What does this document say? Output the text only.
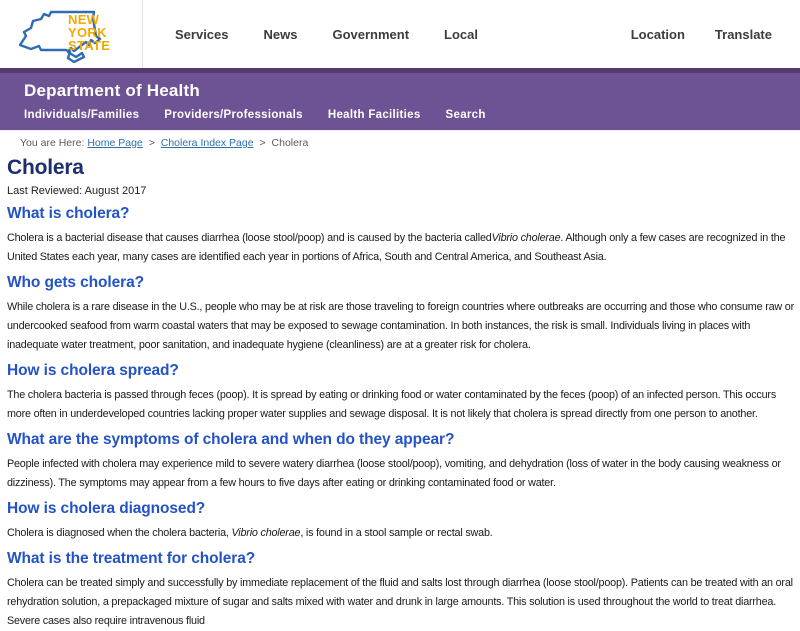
NEW
YORK
STATE
Services	News	Government	Local	Location Translate
Department of Health
Individuals/Families Providers/Professionals Health Facilities Search
You are Here: Home Page > Cholera Index Page > Cholera
Cholera
Last Reviewed: August 2017
What is cholera?

Cholera is a bacterial disease that causes diarrhea (loose stool/poop) and is caused by the bacteria calledVibrio cholerae. Although only a few cases are recognized in the United States each year, many cases are identified each year in portions of Africa, South and Central America, and Southeast Asia.

Who gets cholera?

While cholera is a rare disease in the U.S., people who may be at risk are those traveling to foreign countries where outbreaks are occurring and those who consume raw or undercooked seafood from warm coastal waters that may be exposed to sewage contamination. In both instances, the risk is small. Individuals living in places with inadequate water treatment, poor sanitation, and inadequate hygiene (cleanliness) are at a greater risk for cholera.

How is cholera spread?

The cholera bacteria is passed through feces (poop). It is spread by eating or drinking food or water contaminated by the feces (poop) of an infected person. This occurs more often in underdeveloped countries lacking proper water supplies and sewage disposal. It is not likely that cholera is spread directly from one person to another.

What are the symptoms of cholera and when do they appear?

People infected with cholera may experience mild to severe watery diarrhea (loose stool/poop), vomiting, and dehydration (loss of water in the body causing weakness or dizziness). The symptoms may appear from a few hours to five days after eating or drinking contaminated food or water.

How is cholera diagnosed?

Cholera is diagnosed when the cholera bacteria, Vibrio cholerae, is found in a stool sample or rectal swab.

What is the treatment for cholera?

Cholera can be treated simply and successfully by immediate replacement of the fluid and salts lost through diarrhea (loose stool/poop). Patients can be treated with an oral rehydration solution, a prepackaged mixture of sugar and salts mixed with water and drunk in large amounts. This solution is used throughout the world to treat diarrhea. Severe cases also require intravenous fluid
